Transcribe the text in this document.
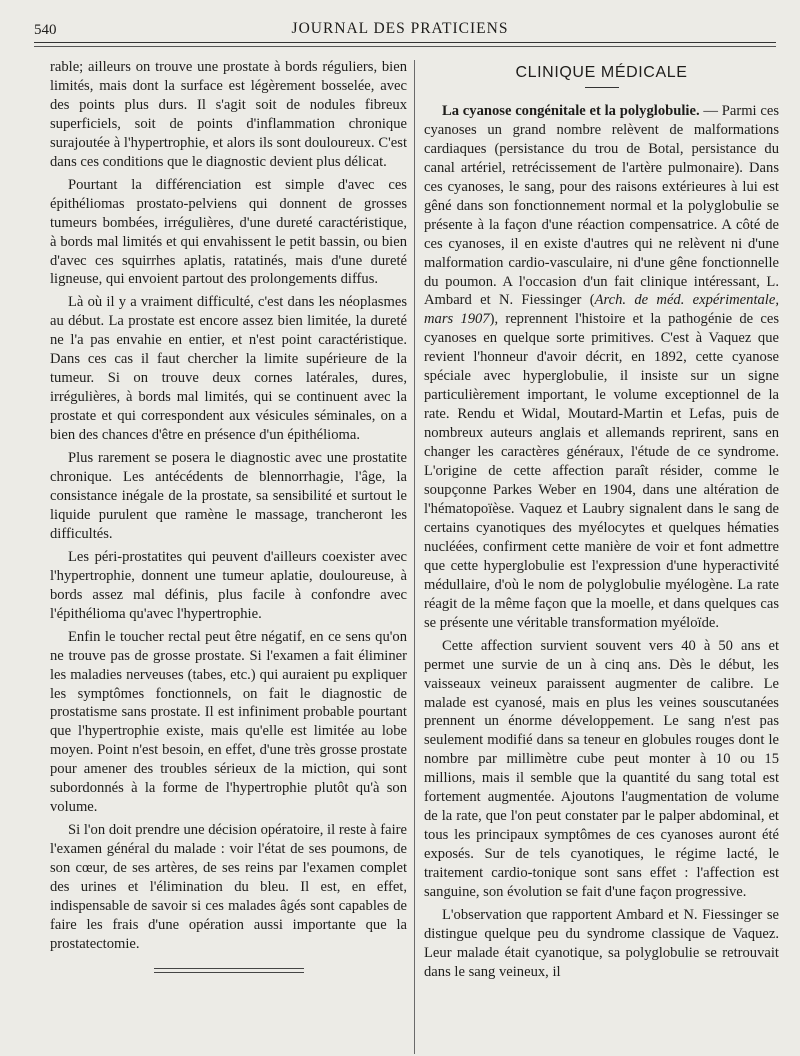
540	JOURNAL DES PRATICIENS

rable; ailleurs on trouve une prostate à bords réguliers, bien limités, mais dont la surface est légèrement bosselée, avec des points plus durs. Il s'agit soit de nodules fibreux superficiels, soit de points d'inflammation chronique surajoutée à l'hypertrophie, et alors ils sont douloureux. C'est dans ces conditions que le diagnostic devient plus délicat.

Pourtant la différenciation est simple d'avec ces épithéliomas prostato-pelviens qui donnent de grosses tumeurs bombées, irrégulières, d'une dureté caractéristique, à bords mal limités et qui envahissent le petit bassin, ou bien d'avec ces squirrhes aplatis, ratatinés, mais d'une dureté ligneuse, qui envoient partout des prolongements diffus.

Là où il y a vraiment difficulté, c'est dans les néoplasmes au début. La prostate est encore assez bien limitée, la dureté ne l'a pas envahie en entier, et n'est point caractéristique. Dans ces cas il faut chercher la limite supérieure de la tumeur. Si on trouve deux cornes latérales, dures, irrégulières, à bords mal limités, qui se continuent avec la prostate et qui correspondent aux vésicules séminales, on a bien des chances d'être en présence d'un épithélioma.

Plus rarement se posera le diagnostic avec une prostatite chronique. Les antécédents de blennorrhagie, l'âge, la consistance inégale de la prostate, sa sensibilité et surtout le liquide purulent que ramène le massage, trancheront les difficultés.

Les péri-prostatites qui peuvent d'ailleurs coexister avec l'hypertrophie, donnent une tumeur aplatie, douloureuse, à bords assez mal définis, plus facile à confondre avec l'épithélioma qu'avec l'hypertrophie.

Enfin le toucher rectal peut être négatif, en ce sens qu'on ne trouve pas de grosse prostate. Si l'examen a fait éliminer les maladies nerveuses (tabes, etc.) qui auraient pu expliquer les symptômes fonctionnels, on fait le diagnostic de prostatisme sans prostate. Il est infiniment probable pourtant que l'hypertrophie existe, mais qu'elle est limitée au lobe moyen. Point n'est besoin, en effet, d'une très grosse prostate pour amener des troubles sérieux de la miction, qui sont subordonnés à la forme de l'hypertrophie plutôt qu'à son volume.

Si l'on doit prendre une décision opératoire, il reste à faire l'examen général du malade : voir l'état de ses poumons, de son cœur, de ses artères, de ses reins par l'examen complet des urines et l'élimination du bleu. Il est, en effet, indispensable de savoir si ces malades âgés sont capables de faire les frais d'une opération aussi importante que la prostatectomie.

CLINIQUE MÉDICALE

La cyanose congénitale et la polyglobulie. — Parmi ces cyanoses un grand nombre relèvent de malformations cardiaques (persistance du trou de Botal, persistance du canal artériel, retrécissement de l'artère pulmonaire). Dans ces cyanoses, le sang, pour des raisons extérieures à lui est gêné dans son fonctionnement normal et la polyglobulie se présente à la façon d'une réaction compensatrice. A côté de ces cyanoses, il en existe d'autres qui ne relèvent ni d'une malformation cardio-vasculaire, ni d'une gêne fonctionnelle du poumon. A l'occasion d'un fait clinique intéressant, L. Ambard et N. Fiessinger (Arch. de méd. expérimentale, mars 1907), reprennent l'histoire et la pathogénie de ces cyanoses en quelque sorte primitives. C'est à Vaquez que revient l'honneur d'avoir décrit, en 1892, cette cyanose spéciale avec hyperglobulie, il insiste sur un signe particulièrement important, le volume exceptionnel de la rate. Rendu et Widal, Moutard-Martin et Lefas, puis de nombreux auteurs anglais et allemands reprirent, sans en changer les caractères généraux, l'étude de ce syndrome. L'origine de cette affection paraît résider, comme le soupçonne Parkes Weber en 1904, dans une altération de l'hématopoïèse. Vaquez et Laubry signalent dans le sang de certains cyanotiques des myélocytes et quelques hématies nucléées, confirment cette manière de voir et font admettre que cette hyperglobulie est l'expression d'une hyperactivité médullaire, d'où le nom de polyglobulie myélogène. La rate réagit de la même façon que la moelle, et dans quelques cas se présente une véritable transformation myéloïde.

Cette affection survient souvent vers 40 à 50 ans et permet une survie de un à cinq ans. Dès le début, les vaisseaux veineux paraissent augmenter de calibre. Le malade est cyanosé, mais en plus les veines souscutanées prennent un énorme développement. Le sang n'est pas seulement modifié dans sa teneur en globules rouges dont le nombre par millimètre cube peut monter à 10 ou 15 millions, mais il semble que la quantité du sang total est fortement augmentée. Ajoutons l'augmentation de volume de la rate, que l'on peut constater par le palper abdominal, et tous les principaux symptômes de ces cyanoses auront été exposés. Sur de tels cyanotiques, le régime lacté, le traitement cardio-tonique sont sans effet : l'affection est sanguine, son évolution se fait d'une façon progressive.

L'observation que rapportent Ambard et N. Fiessinger se distingue quelque peu du syndrome classique de Vaquez. Leur malade était cyanotique, sa polyglobulie se retrouvait dans le sang veineux, il
